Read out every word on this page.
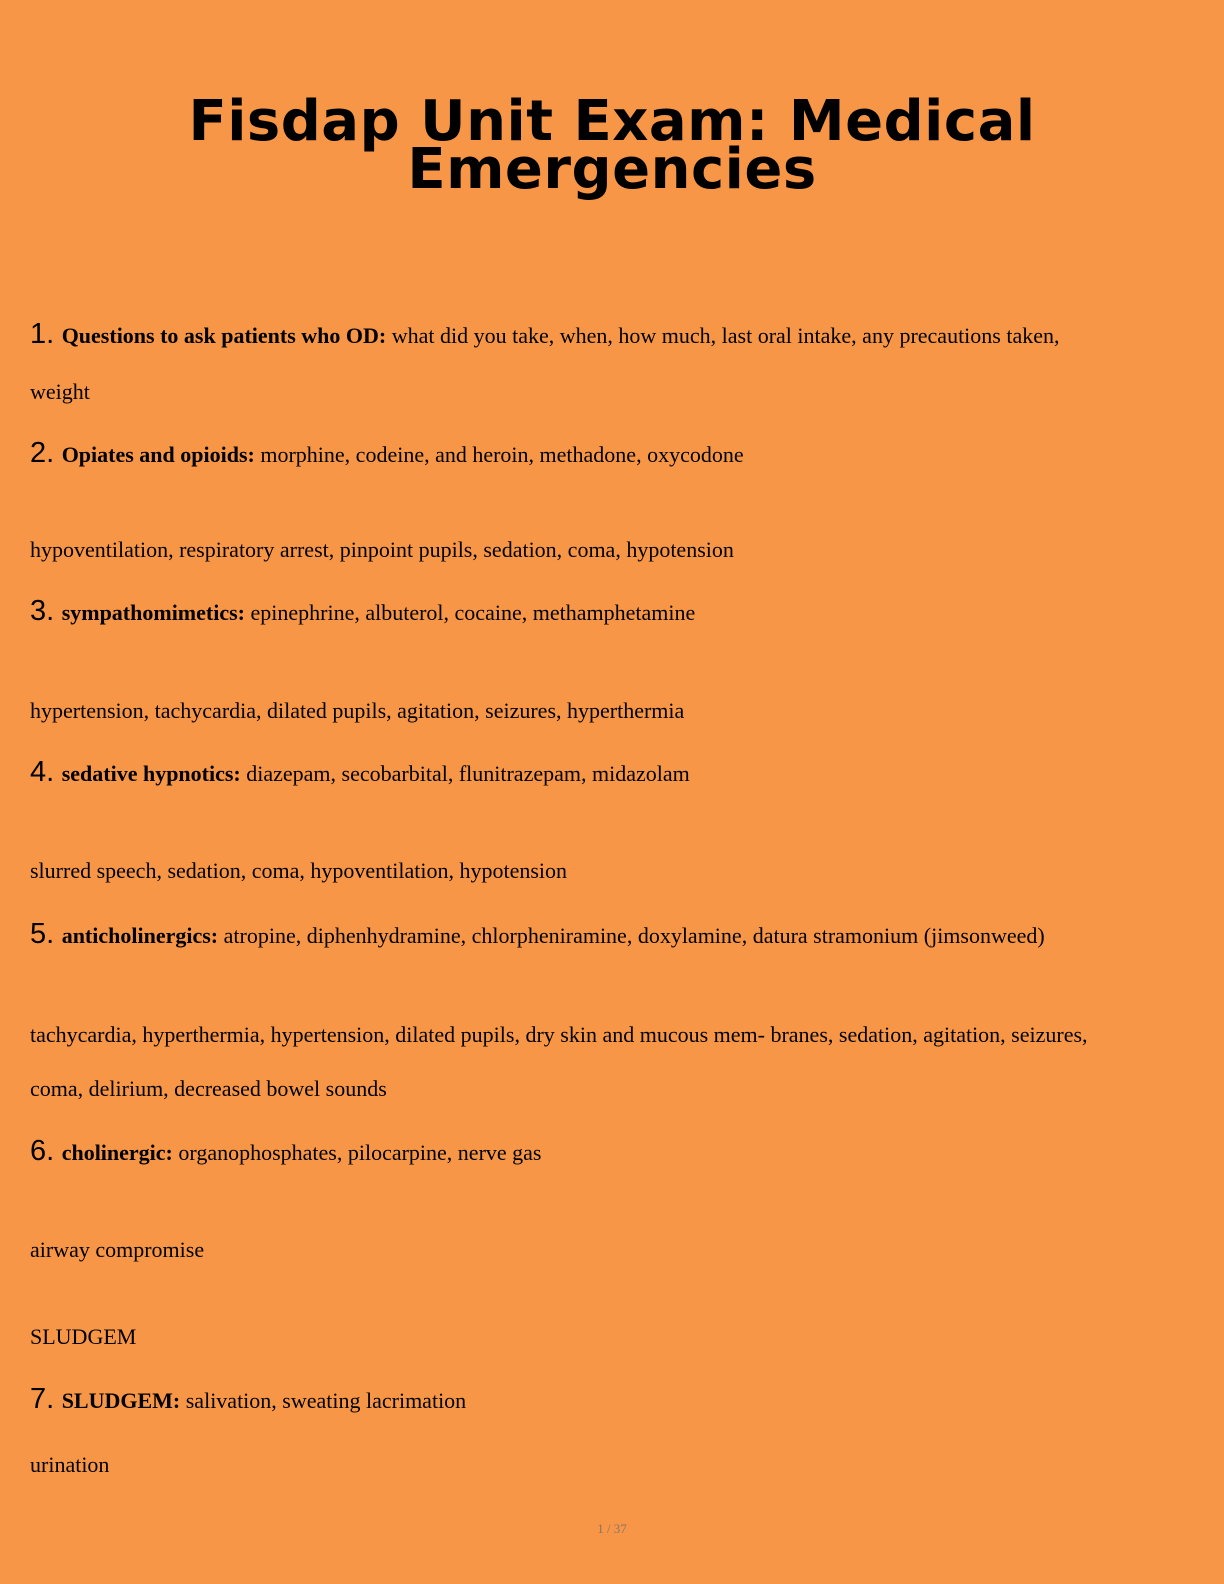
Fisdap Unit Exam: Medical
Emergencies
1. Questions to ask patients who OD: what did you take, when, how much, last oral intake, any precautions taken,
weight
2. Opiates and opioids: morphine, codeine, and heroin, methadone, oxycodone
hypoventilation, respiratory arrest, pinpoint pupils, sedation, coma, hypotension
3. sympathomimetics: epinephrine, albuterol, cocaine, methamphetamine
hypertension, tachycardia, dilated pupils, agitation, seizures, hyperthermia
4. sedative hypnotics: diazepam, secobarbital, flunitrazepam, midazolam
slurred speech, sedation, coma, hypoventilation, hypotension
5. anticholinergics: atropine, diphenhydramine, chlorpheniramine, doxylamine, datura stramonium (jimsonweed)
tachycardia, hyperthermia, hypertension, dilated pupils, dry skin and mucous mem- branes, sedation, agitation, seizures,
coma, delirium, decreased bowel sounds
6. cholinergic: organophosphates, pilocarpine, nerve gas
airway compromise
SLUDGEM
7. SLUDGEM: salivation, sweating lacrimation
urination
1 / 37
